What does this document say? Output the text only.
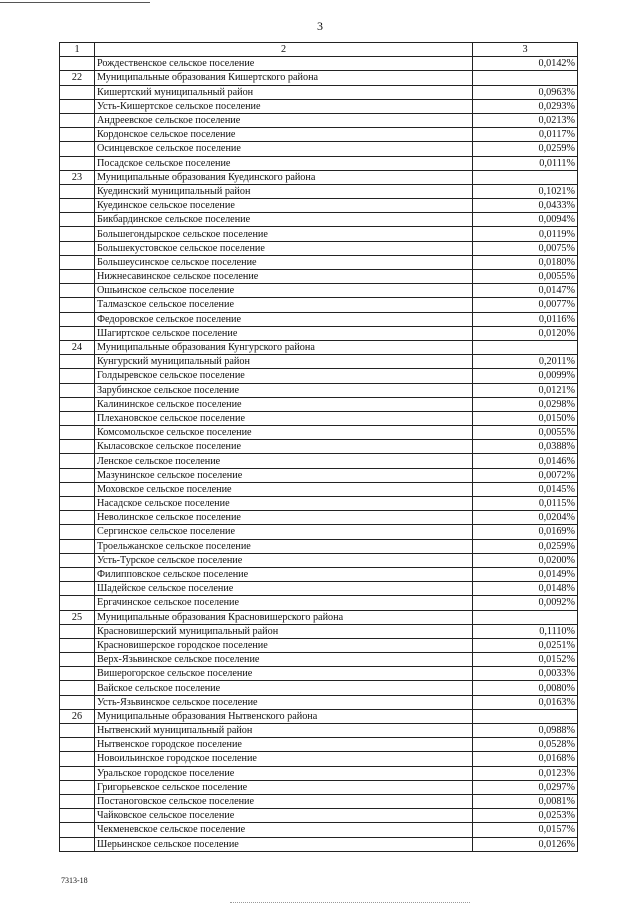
3
1	2	3
	Рождественское сельское поселение	0,0142%
22	Муниципальные образования Кишертского района	
	Кишертский муниципальный район	0,0963%
	Усть-Кишертское сельское поселение	0,0293%
	Андреевское сельское поселение	0,0213%
	Кордонское сельское поселение	0,0117%
	Осинцевское сельское поселение	0,0259%
	Посадское сельское поселение	0,0111%
23	Муниципальные образования Куединского района	
	Куединский муниципальный район	0,1021%
	Куединское сельское поселение	0,0433%
	Бикбардинское сельское поселение	0,0094%
	Большегондырское сельское поселение	0,0119%
	Большекустовское сельское поселение	0,0075%
	Большеусинское сельское поселение	0,0180%
	Нижнесавинское сельское поселение	0,0055%
	Ошьинское сельское поселение	0,0147%
	Талмазское сельское поселение	0,0077%
	Федоровское сельское поселение	0,0116%
	Шагиртское сельское поселение	0,0120%
24	Муниципальные образования Кунгурского района	
	Кунгурский муниципальный район	0,2011%
	Голдыревское сельское поселение	0,0099%
	Зарубинское сельское поселение	0,0121%
	Калининское сельское поселение	0,0298%
	Плехановское сельское поселение	0,0150%
	Комсомольское сельское поселение	0,0055%
	Кыласовское сельское поселение	0,0388%
	Ленское сельское поселение	0,0146%
	Мазунинское сельское поселение	0,0072%
	Моховское сельское поселение	0,0145%
	Насадское сельское поселение	0,0115%
	Неволинское сельское поселение	0,0204%
	Сергинское сельское поселение	0,0169%
	Троельжанское сельское поселение	0,0259%
	Усть-Турское сельское поселение	0,0200%
	Филипповское сельское поселение	0,0149%
	Шадейское сельское поселение	0,0148%
	Ергачинское сельское поселение	0,0092%
25	Муниципальные образования Красновишерского района	
	Красновишерский муниципальный район	0,1110%
	Красновишерское городское поселение	0,0251%
	Верх-Язьвинское сельское поселение	0,0152%
	Вишерогорское сельское поселение	0,0033%
	Вайское сельское поселение	0,0080%
	Усть-Язьвинское сельское поселение	0,0163%
26	Муниципальные образования Нытвенского района	
	Нытвенский муниципальный район	0,0988%
	Нытвенское городское поселение	0,0528%
	Новоильинское городское поселение	0,0168%
	Уральское городское поселение	0,0123%
	Григорьевское сельское поселение	0,0297%
	Постаноговское сельское поселение	0,0081%
	Чайковское сельское поселение	0,0253%
	Чекменевское сельское поселение	0,0157%
	Шерьинское сельское поселение	0,0126%
7313-18
